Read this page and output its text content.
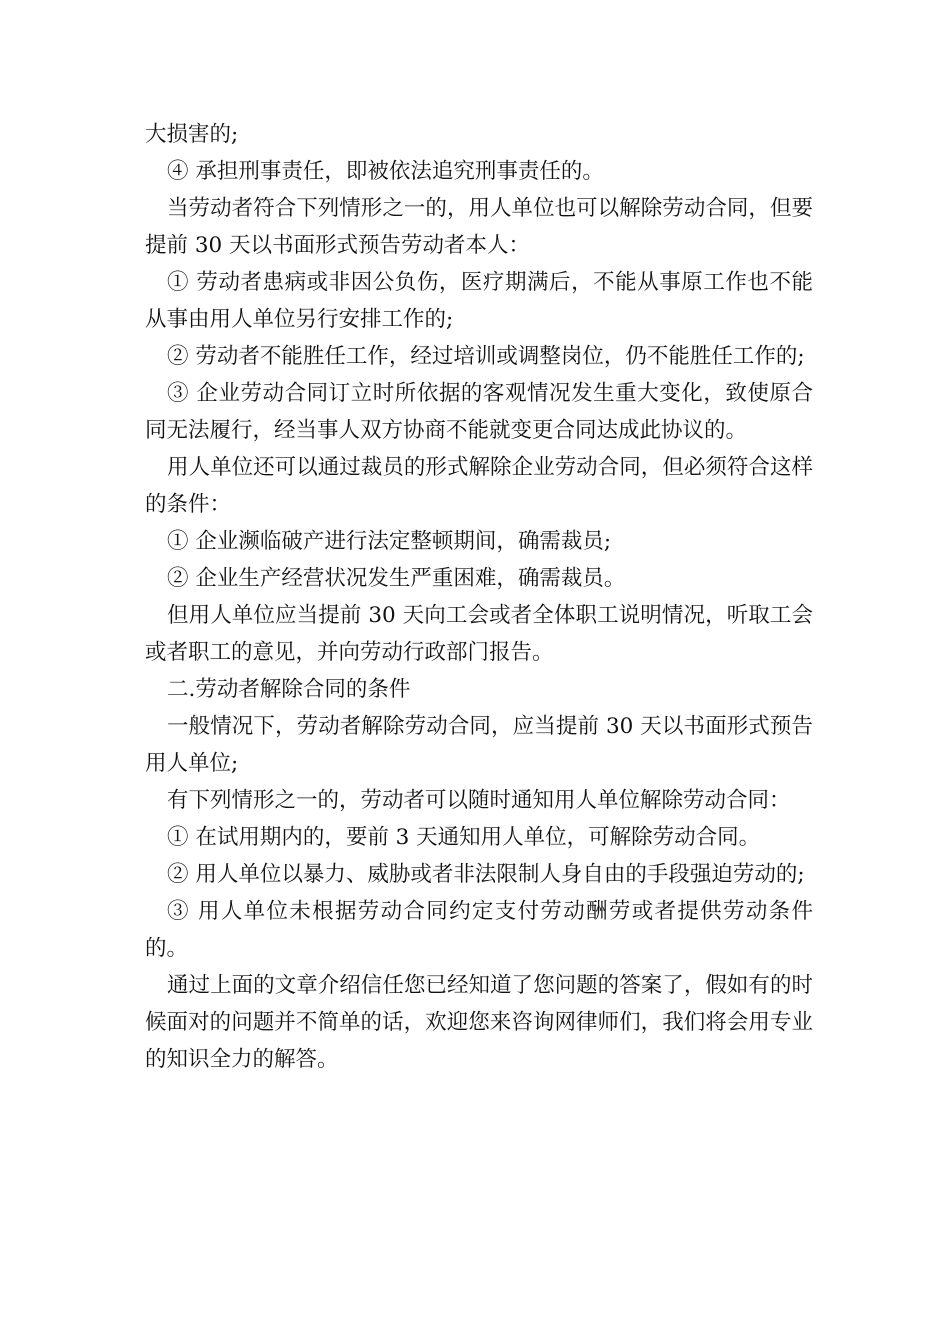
大损害的;

④ 承担刑事责任，即被依法追究刑事责任的。

当劳动者符合下列情形之一的，用人单位也可以解除劳动合同，但要提前 30 天以书面形式预告劳动者本人：

① 劳动者患病或非因公负伤，医疗期满后，不能从事原工作也不能从事由用人单位另行安排工作的;

② 劳动者不能胜任工作，经过培训或调整岗位，仍不能胜任工作的;

③ 企业劳动合同订立时所依据的客观情况发生重大变化，致使原合同无法履行，经当事人双方协商不能就变更合同达成此协议的。

用人单位还可以通过裁员的形式解除企业劳动合同，但必须符合这样的条件：

① 企业濒临破产进行法定整顿期间，确需裁员;

② 企业生产经营状况发生严重困难，确需裁员。

但用人单位应当提前 30 天向工会或者全体职工说明情况，听取工会或者职工的意见，并向劳动行政部门报告。

二.劳动者解除合同的条件

一般情况下，劳动者解除劳动合同，应当提前 30 天以书面形式预告用人单位;

有下列情形之一的，劳动者可以随时通知用人单位解除劳动合同：

① 在试用期内的，要前 3 天通知用人单位，可解除劳动合同。

② 用人单位以暴力、威胁或者非法限制人身自由的手段强迫劳动的;

③ 用人单位未根据劳动合同约定支付劳动酬劳或者提供劳动条件的。

通过上面的文章介绍信任您已经知道了您问题的答案了，假如有的时候面对的问题并不简单的话，欢迎您来咨询网律师们，我们将会用专业的知识全力的解答。
